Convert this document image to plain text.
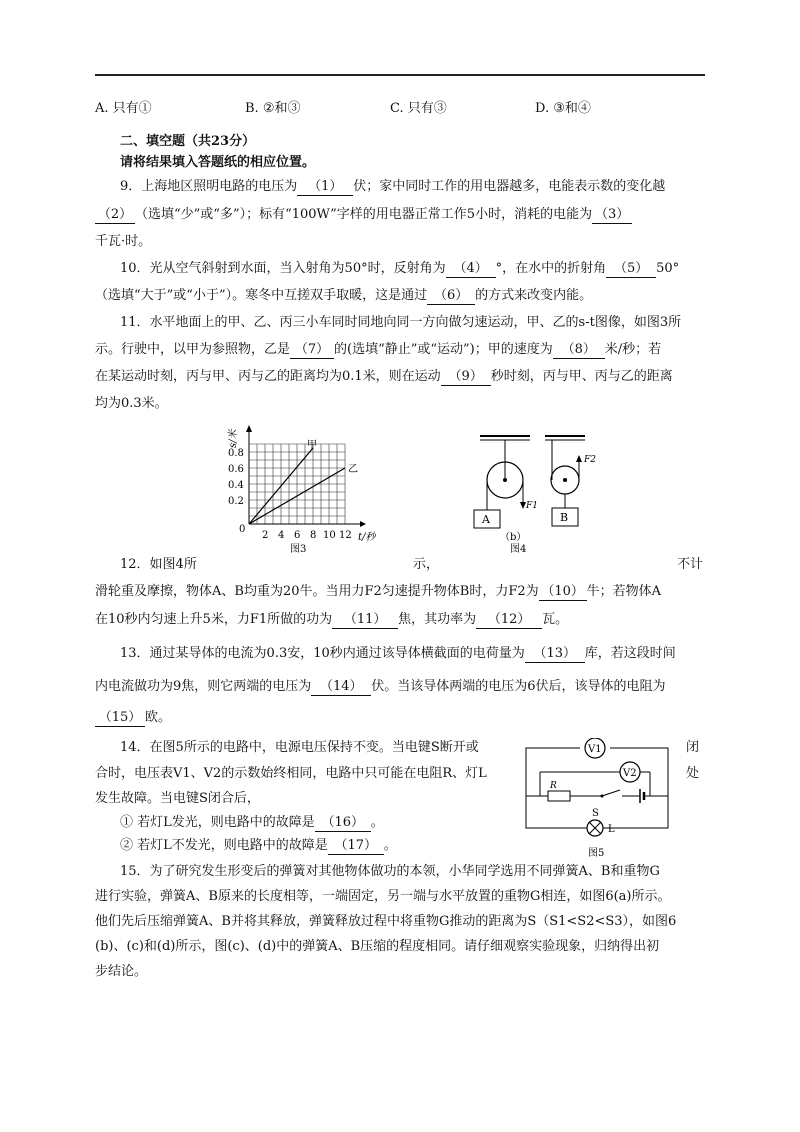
A. 只有①	B. ②和③	C. 只有③	D. ③和④
二、填空题（共23分）
请将结果填入答题纸的相应位置。
9．上海地区照明电路的电压为 （1） 伏；家中同时工作的用电器越多，电能表示数的变化越
（2） （选填“少”或“多”）；标有“100W”字样的用电器正常工作5小时，消耗的电能为 （3）
千瓦·时。
10．光从空气斜射到水面，当入射角为50°时，反射角为 （4） °，在水中的折射角 （5） 50°
（选填“大于”或“小于”）。寒冬中互搓双手取暖，这是通过 （6） 的方式来改变内能。
11．水平地面上的甲、乙、丙三小车同时同地向同一方向做匀速运动，甲、乙的s-t图像，如图3所
示。行驶中，以甲为参照物，乙是 （7） 的(选填“静止”或“运动”)；甲的速度为 （8） 米/秒；若
在某运动时刻，丙与甲、丙与乙的距离均为0.1米，则在运动 （9） 秒时刻，丙与甲、丙与乙的距离
均为0.3米。
甲
乙
0.8
0.6
0.4
0.2
0
2 4 6 8 10 12 t/秒
s/米
图3
F1
A
F2
B
（b）
图4
12．如图4所	示，	不计
滑轮重及摩擦，物体A、B均重为20牛。当用力F2匀速提升物体B时，力F2为 （10） 牛；若物体A
在10秒内匀速上升5米，力F1所做的功为 （11） 焦，其功率为 （12） 瓦。
13．通过某导体的电流为0.3安，10秒内通过该导体横截面的电荷量为 （13） 库，若这段时间
内电流做功为9焦，则它两端的电压为 （14） 伏。当该导体两端的电压为6伏后，该导体的电阻为
（15） 欧。
14．在图5所示的电路中，电源电压保持不变。当电键S断开或	闭
合时，电压表V1、V2的示数始终相同，电路中只可能在电阻R、灯L	处
发生故障。当电键S闭合后，
① 若灯L发光，则电路中的故障是 （16） 。
② 若灯L不发光，则电路中的故障是 （17） 。
V1
V2
R
S
L
图5
15．为了研究发生形变后的弹簧对其他物体做功的本领，小华同学选用不同弹簧A、B和重物G
进行实验，弹簧A、B原来的长度相等，一端固定，另一端与水平放置的重物G相连，如图6(a)所示。
他们先后压缩弹簧A、B并将其释放，弹簧释放过程中将重物G推动的距离为S（S1<S2<S3），如图6
(b)、(c)和(d)所示，图(c)、(d)中的弹簧A、B压缩的程度相同。请仔细观察实验现象，归纳得出初
步结论。
